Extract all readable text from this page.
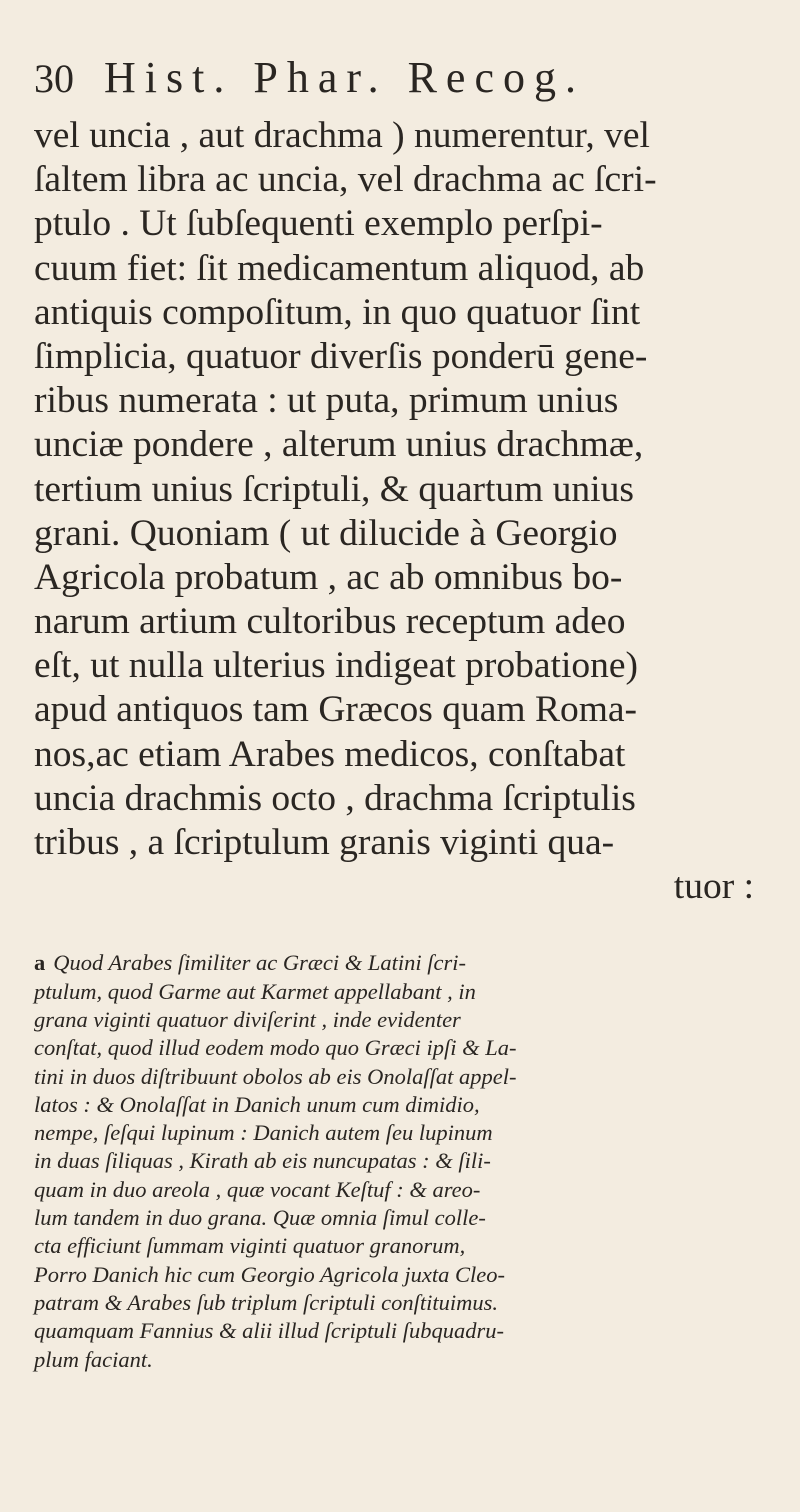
30 Hist. Phar. Recog.
vel uncia , aut drachma ) numerentur, vel
ſaltem libra ac uncia, vel drachma ac ſcri-
ptulo . Ut ſubſequenti exemplo perſpi-
cuum fiet: ſit medicamentum aliquod, ab
antiquis compoſitum, in quo quatuor ſint
ſimplicia, quatuor diverſis ponderū gene-
ribus numerata : ut puta, primum unius
unciæ pondere , alterum unius drachmæ,
tertium unius ſcriptuli, & quartum unius
grani. Quoniam ( ut dilucide à Georgio
Agricola probatum , ac ab omnibus bo-
narum artium cultoribus receptum adeo
eſt, ut nulla ulterius indigeat probatione)
apud antiquos tam Græcos quam Roma-
nos,ac etiam Arabes medicos, conſtabat
uncia drachmis octo , drachma ſcriptulis
tribus , a ſcriptulum granis viginti qua-
tuor :
a Quod Arabes ſimiliter ac Græci & Latini ſcri-
ptulum, quod Garme aut Karmet appellabant , in
grana viginti quatuor diviſerint , inde evidenter
conſtat, quod illud eodem modo quo Græci ipſi & La-
tini in duos diſtribuunt obolos ab eis Onolaſſat appel-
latos : & Onolaſſat in Danich unum cum dimidio,
nempe, ſeſqui lupinum : Danich autem ſeu lupinum
in duas ſiliquas , Kirath ab eis nuncupatas : & ſili-
quam in duo areola , quæ vocant Keſtuf : & areo-
lum tandem in duo grana. Quæ omnia ſimul colle-
cta efficiunt ſummam viginti quatuor granorum,
Porro Danich hic cum Georgio Agricola juxta Cleo-
patram & Arabes ſub triplum ſcriptuli conſtituimus.
quamquam Fannius & alii illud ſcriptuli ſubquadru-
plum faciant.
